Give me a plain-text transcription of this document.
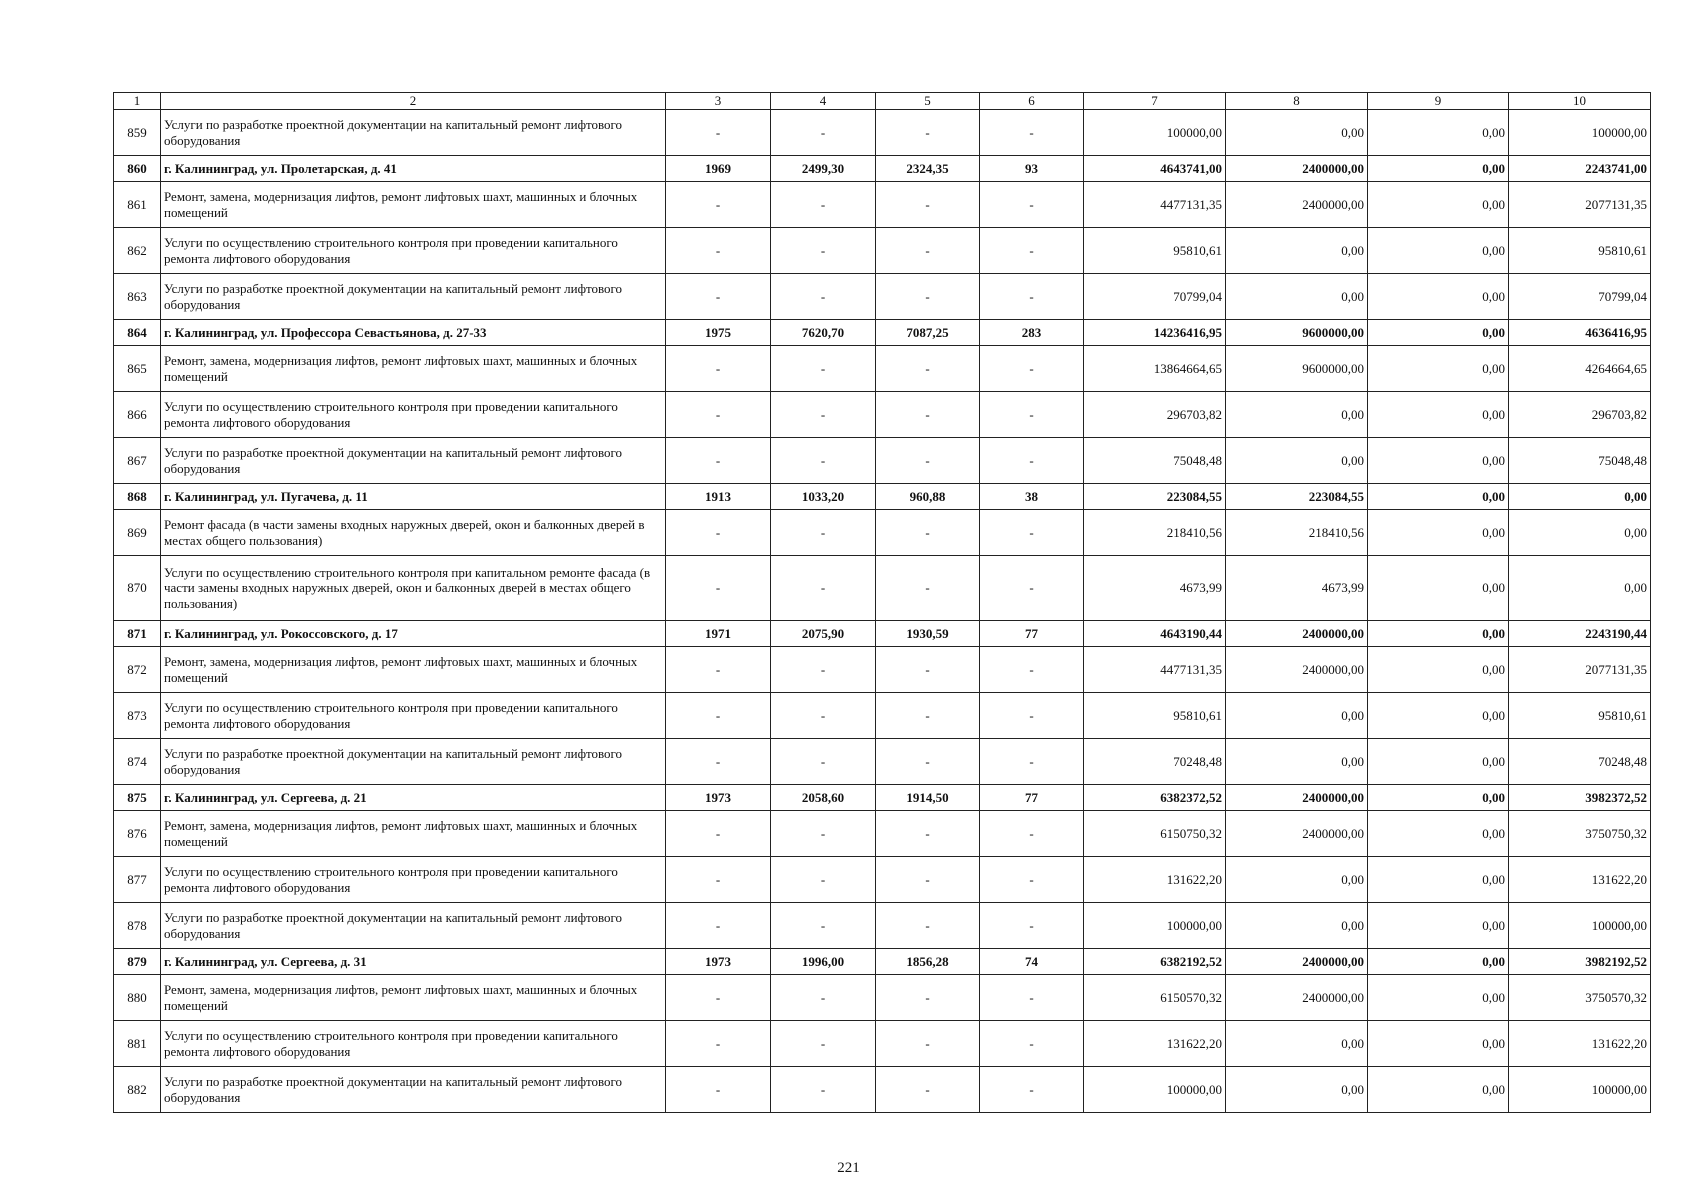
1	2	3	4	5	6	7	8	9	10
859	Услуги по разработке проектной документации на капитальный ремонт лифтового оборудования	-	-	-	-	100000,00	0,00	0,00	100000,00
860	г. Калининград, ул. Пролетарская, д. 41	1969	2499,30	2324,35	93	4643741,00	2400000,00	0,00	2243741,00
861	Ремонт, замена, модернизация лифтов, ремонт лифтовых шахт, машинных и блочных помещений	-	-	-	-	4477131,35	2400000,00	0,00	2077131,35
862	Услуги по осуществлению строительного контроля при проведении капитального ремонта лифтового оборудования	-	-	-	-	95810,61	0,00	0,00	95810,61
863	Услуги по разработке проектной документации на капитальный ремонт лифтового оборудования	-	-	-	-	70799,04	0,00	0,00	70799,04
864	г. Калининград, ул. Профессора Севастьянова, д. 27-33	1975	7620,70	7087,25	283	14236416,95	9600000,00	0,00	4636416,95
865	Ремонт, замена, модернизация лифтов, ремонт лифтовых шахт, машинных и блочных помещений	-	-	-	-	13864664,65	9600000,00	0,00	4264664,65
866	Услуги по осуществлению строительного контроля при проведении капитального ремонта лифтового оборудования	-	-	-	-	296703,82	0,00	0,00	296703,82
867	Услуги по разработке проектной документации на капитальный ремонт лифтового оборудования	-	-	-	-	75048,48	0,00	0,00	75048,48
868	г. Калининград, ул. Пугачева, д. 11	1913	1033,20	960,88	38	223084,55	223084,55	0,00	0,00
869	Ремонт фасада (в части замены входных наружных дверей, окон и балконных дверей в местах общего пользования)	-	-	-	-	218410,56	218410,56	0,00	0,00
870	Услуги по осуществлению строительного контроля при капитальном ремонте фасада (в части замены входных наружных дверей, окон и балконных дверей в местах общего пользования)	-	-	-	-	4673,99	4673,99	0,00	0,00
871	г. Калининград, ул. Рокоссовского, д. 17	1971	2075,90	1930,59	77	4643190,44	2400000,00	0,00	2243190,44
872	Ремонт, замена, модернизация лифтов, ремонт лифтовых шахт, машинных и блочных помещений	-	-	-	-	4477131,35	2400000,00	0,00	2077131,35
873	Услуги по осуществлению строительного контроля при проведении капитального ремонта лифтового оборудования	-	-	-	-	95810,61	0,00	0,00	95810,61
874	Услуги по разработке проектной документации на капитальный ремонт лифтового оборудования	-	-	-	-	70248,48	0,00	0,00	70248,48
875	г. Калининград, ул. Сергеева, д. 21	1973	2058,60	1914,50	77	6382372,52	2400000,00	0,00	3982372,52
876	Ремонт, замена, модернизация лифтов, ремонт лифтовых шахт, машинных и блочных помещений	-	-	-	-	6150750,32	2400000,00	0,00	3750750,32
877	Услуги по осуществлению строительного контроля при проведении капитального ремонта лифтового оборудования	-	-	-	-	131622,20	0,00	0,00	131622,20
878	Услуги по разработке проектной документации на капитальный ремонт лифтового оборудования	-	-	-	-	100000,00	0,00	0,00	100000,00
879	г. Калининград, ул. Сергеева, д. 31	1973	1996,00	1856,28	74	6382192,52	2400000,00	0,00	3982192,52
880	Ремонт, замена, модернизация лифтов, ремонт лифтовых шахт, машинных и блочных помещений	-	-	-	-	6150570,32	2400000,00	0,00	3750570,32
881	Услуги по осуществлению строительного контроля при проведении капитального ремонта лифтового оборудования	-	-	-	-	131622,20	0,00	0,00	131622,20
882	Услуги по разработке проектной документации на капитальный ремонт лифтового оборудования	-	-	-	-	100000,00	0,00	0,00	100000,00
221
